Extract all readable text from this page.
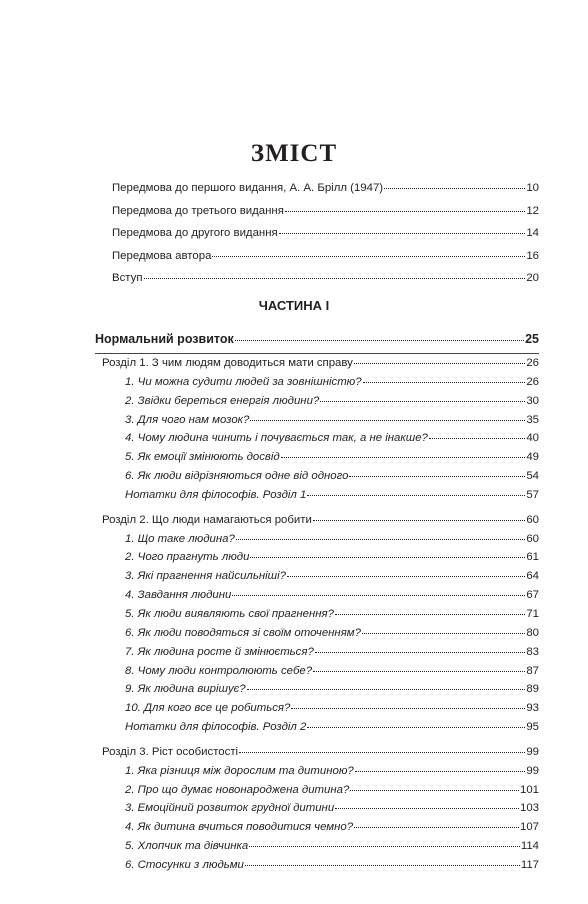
ЗМІСТ
Передмова до першого видання, А. А. Брілл (1947)	10
Передмова до третього видання	12
Передмова до другого видання	14
Передмова автора	16
Вступ	20
ЧАСТИНА І
Нормальний розвиток	25
Розділ 1. З чим людям доводиться мати справу	26
1. Чи можна судити людей за зовнішністю?	26
2. Звідки береться енергія людини?	30
3. Для чого нам мозок?	35
4. Чому людина чинить і почувається так, а не інакше?	40
5. Як емоції змінюють досвід	49
6. Як люди відрізняються одне від одного	54
Нотатки для філософів. Розділ 1	57
Розділ 2. Що люди намагаються робити	60
1. Що таке людина?	60
2. Чого прагнуть люди	61
3. Які прагнення найсильніші?	64
4. Завдання людини	67
5. Як люди виявляють свої прагнення?	71
6. Як люди поводяться зі своїм оточенням?	80
7. Як людина росте й змінюється?	83
8. Чому люди контролюють себе?	87
9. Як людина вирішує?	89
10. Для кого все це робиться?	93
Нотатки для філософів. Розділ 2	95
Розділ 3. Ріст особистості	99
1. Яка різниця між дорослим та дитиною?	99
2. Про що думає новонароджена дитина?	101
3. Емоційний розвиток грудної дитини	103
4. Як дитина вчиться поводитися чемно?	107
5. Хлопчик та дівчинка	114
6. Стосунки з людьми	117
